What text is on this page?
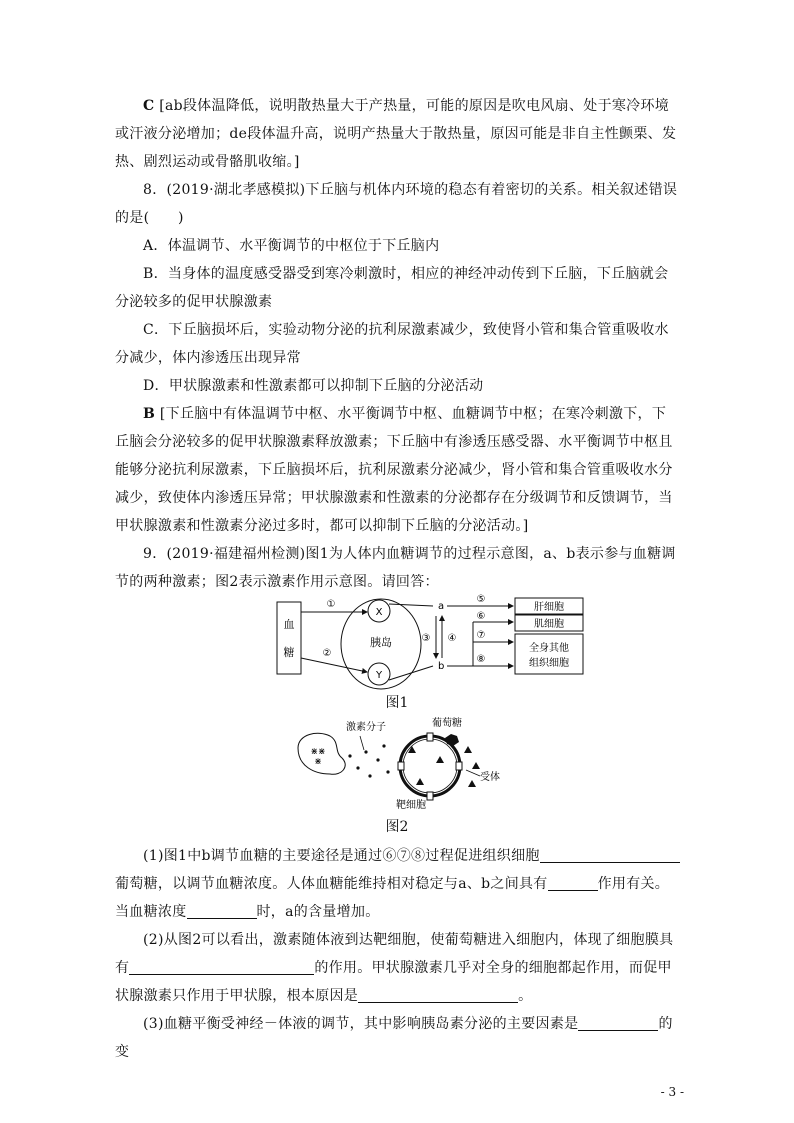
C [ab段体温降低，说明散热量大于产热量，可能的原因是吹电风扇、处于寒冷环境或汗液分泌增加；de段体温升高，说明产热量大于散热量，原因可能是非自主性颤栗、发热、剧烈运动或骨骼肌收缩。]
8．(2019·湖北孝感模拟)下丘脑与机体内环境的稳态有着密切的关系。相关叙述错误的是(　　)
A．体温调节、水平衡调节的中枢位于下丘脑内
B．当身体的温度感受器受到寒冷刺激时，相应的神经冲动传到下丘脑，下丘脑就会分泌较多的促甲状腺激素
C．下丘脑损坏后，实验动物分泌的抗利尿激素减少，致使肾小管和集合管重吸收水分减少，体内渗透压出现异常
D．甲状腺激素和性激素都可以抑制下丘脑的分泌活动
B [下丘脑中有体温调节中枢、水平衡调节中枢、血糖调节中枢；在寒冷刺激下，下丘脑会分泌较多的促甲状腺激素释放激素；下丘脑中有渗透压感受器、水平衡调节中枢且能够分泌抗利尿激素，下丘脑损坏后，抗利尿激素分泌减少，肾小管和集合管重吸收水分减少，致使体内渗透压异常；甲状腺激素和性激素的分泌都存在分级调节和反馈调节，当甲状腺激素和性激素分泌过多时，都可以抑制下丘脑的分泌活动。]
9．(2019·福建福州检测)图1为人体内血糖调节的过程示意图，a、b表示参与血糖调节的两种激素；图2表示激素作用示意图。请回答：
血
糖
胰岛
X
Y
①
②
a
b
③ ④
⑤
⑥
⑦
⑧
肝细胞
肌细胞
全身其他
组织细胞
图1
⋇⋇
⋇
激素分子	葡萄糖
受体
靶细胞
图2
(1)图1中b调节血糖的主要途径是通过⑥⑦⑧过程促进组织细胞葡萄糖，以调节血糖浓度。人体血糖能维持相对稳定与a、b之间具有	作用有关。当血糖浓度	时，a的含量增加。
(2)从图2可以看出，激素随体液到达靶细胞，使葡萄糖进入细胞内，体现了细胞膜具有	的作用。甲状腺激素几乎对全身的细胞都起作用，而促甲状腺激素只作用于甲状腺，根本原因是	。
(3)血糖平衡受神经－体液的调节，其中影响胰岛素分泌的主要因素是	的变
- 3 -
